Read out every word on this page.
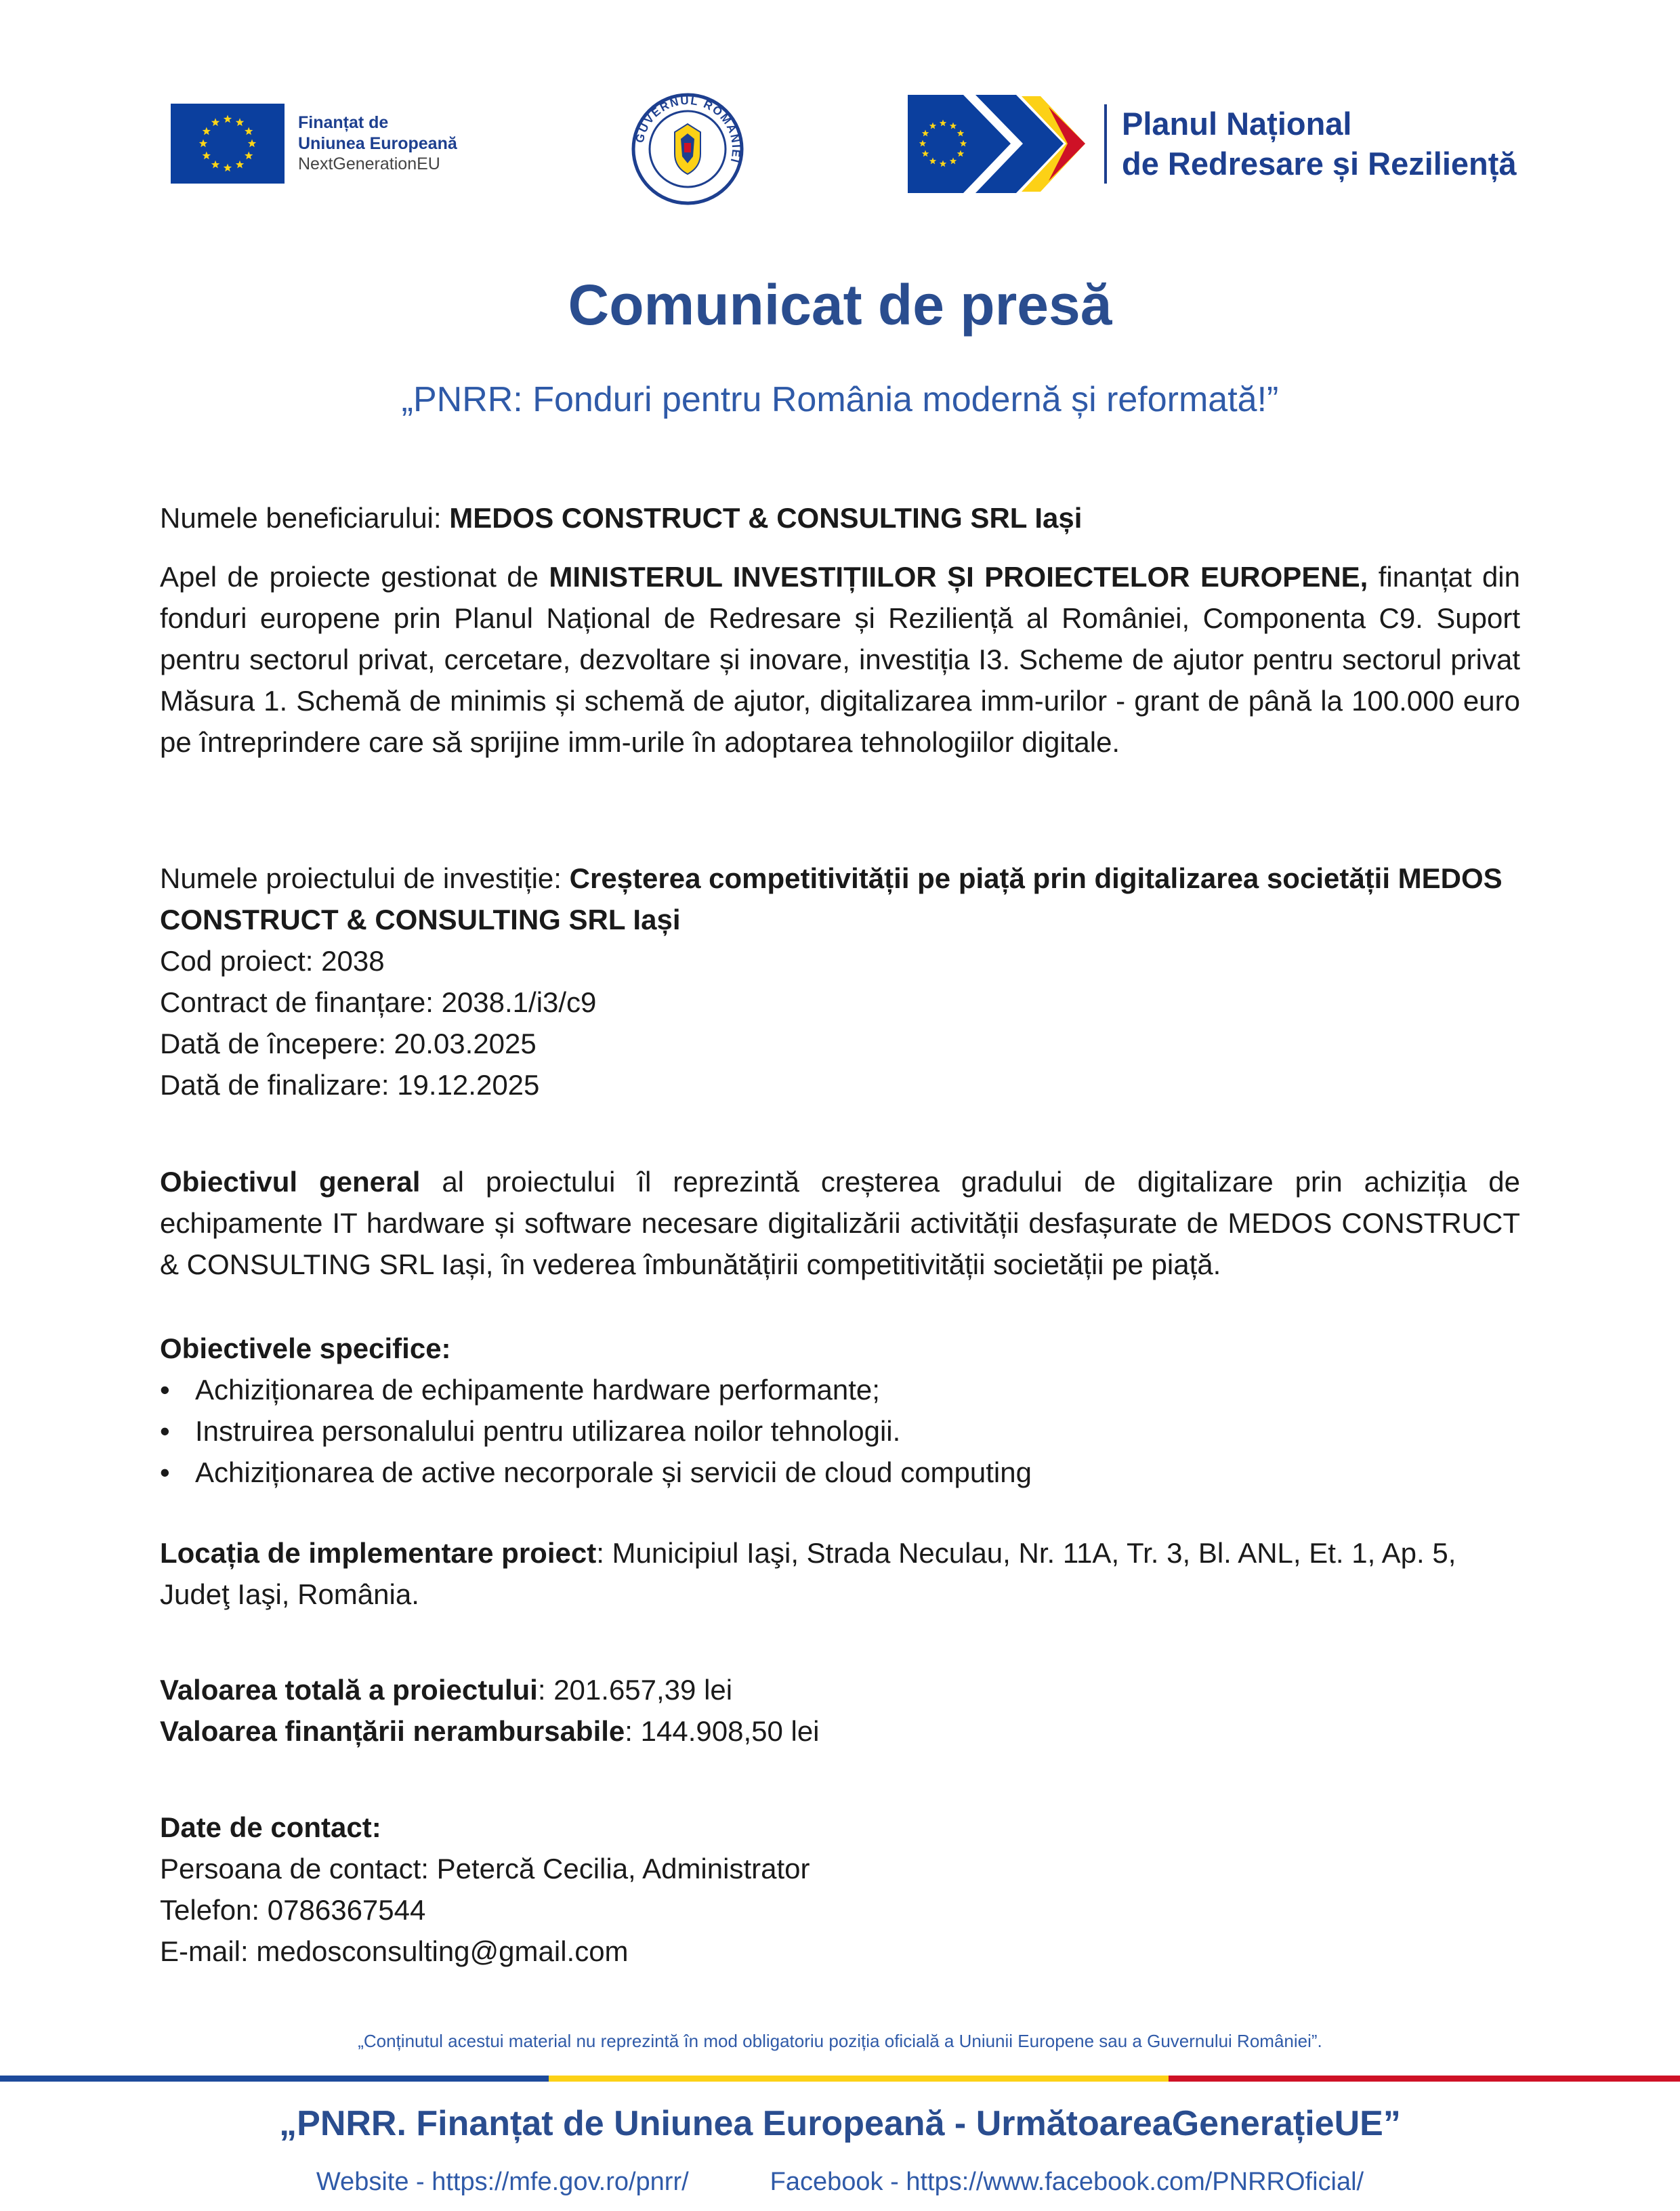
Finanțat de
Uniunea Europeană
NextGenerationEU
GUVERNUL ROMÂNIEI
Planul Național
de Redresare și Reziliență
Comunicat de presă
„PNRR: Fonduri pentru România modernă și reformată!”
Numele beneficiarului: MEDOS CONSTRUCT & CONSULTING SRL Iași
Apel de proiecte gestionat de MINISTERUL INVESTIȚIILOR ȘI PROIECTELOR EUROPENE, finanțat din fonduri europene prin Planul Național de Redresare și Reziliență al României, Componenta C9. Suport pentru sectorul privat, cercetare, dezvoltare și inovare, investiția I3. Scheme de ajutor pentru sectorul privat Măsura 1. Schemă de minimis și schemă de ajutor, digitalizarea imm-urilor - grant de până la 100.000 euro pe întreprindere care să sprijine imm-urile în adoptarea tehnologiilor digitale.
Numele proiectului de investiție: Creșterea competitivității pe piață prin digitalizarea societății MEDOS CONSTRUCT & CONSULTING SRL Iași
Cod proiect: 2038
Contract de finanțare: 2038.1/i3/c9
Dată de începere: 20.03.2025
Dată de finalizare: 19.12.2025
Obiectivul general al proiectului îl reprezintă creșterea gradului de digitalizare prin achiziția de echipamente IT hardware și software necesare digitalizării activității desfașurate de MEDOS CONSTRUCT & CONSULTING SRL Iași, în vederea îmbunătățirii competitivității societății pe piață.
Obiectivele specifice:
• Achiziționarea de echipamente hardware performante;
• Instruirea personalului pentru utilizarea noilor tehnologii.
• Achiziționarea de active necorporale și servicii de cloud computing
Locația de implementare proiect: Municipiul Iaşi, Strada Neculau, Nr. 11A, Tr. 3, Bl. ANL, Et. 1, Ap. 5, Judeţ Iaşi, România.
Valoarea totală a proiectului: 201.657,39 lei
Valoarea finanțării nerambursabile: 144.908,50 lei
Date de contact:
Persoana de contact: Petercă Cecilia, Administrator
Telefon: 0786367544
E-mail: medosconsulting@gmail.com
„Conținutul acestui material nu reprezintă în mod obligatoriu poziția oficială a Uniunii Europene sau a Guvernului României”.
„PNRR. Finanțat de Uniunea Europeană - UrmătoareaGenerațieUE”
Website - https://mfe.gov.ro/pnrr/	Facebook - https://www.facebook.com/PNRROficial/
